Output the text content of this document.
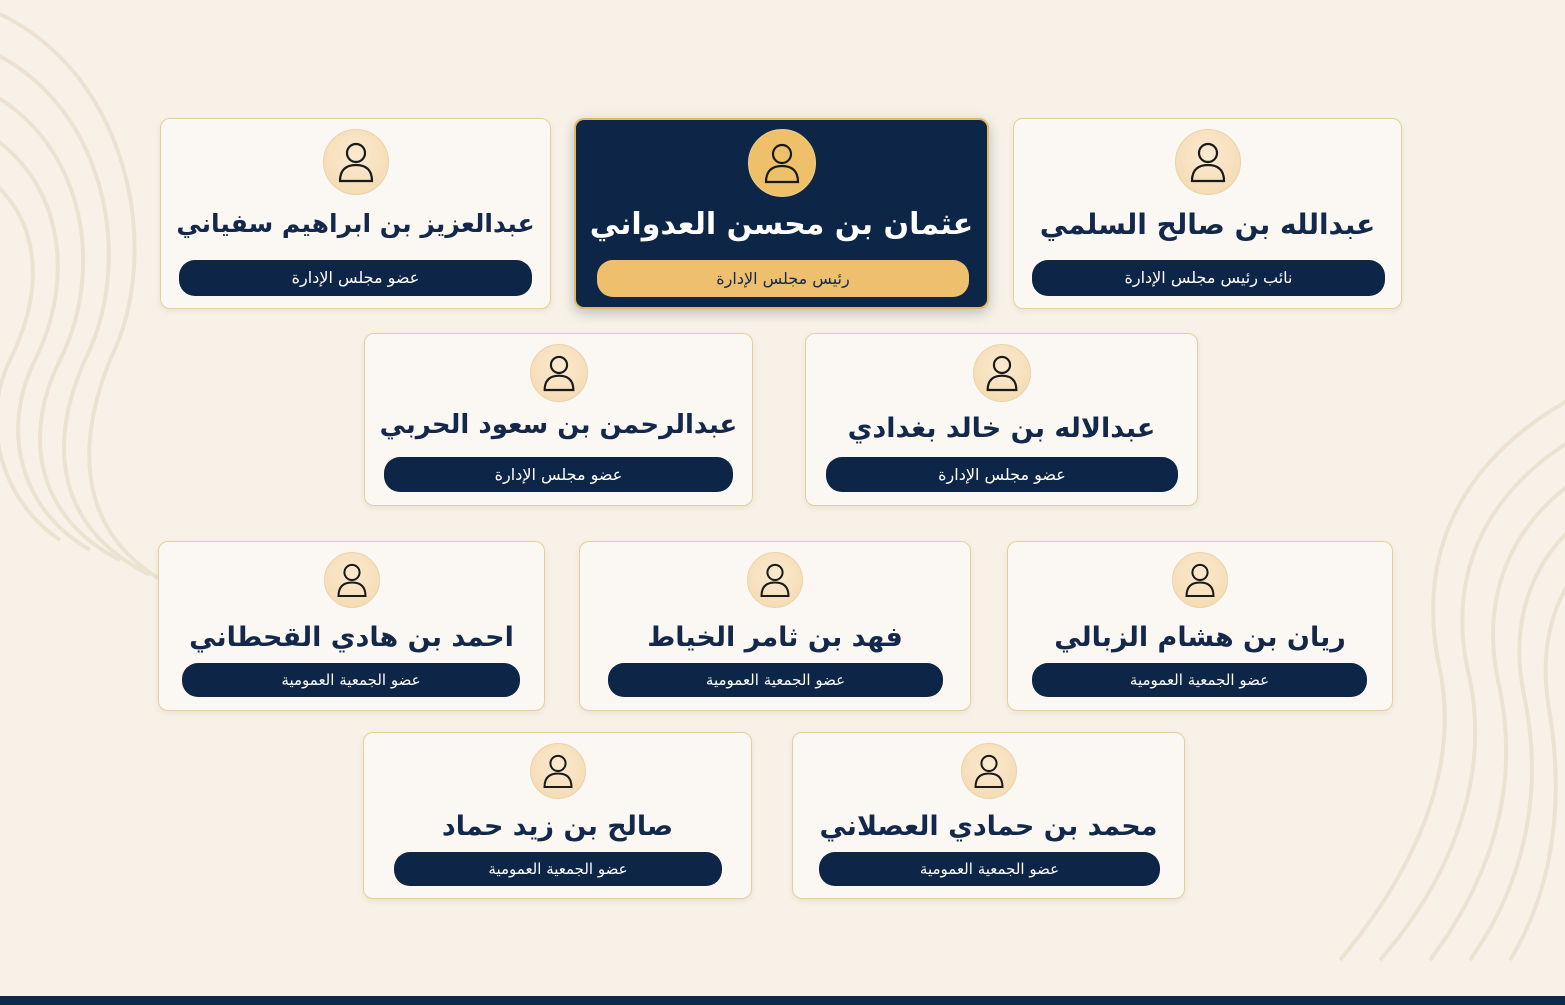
عبدالله بن صالح السلمي
نائب رئيس مجلس الإدارة
عثمان بن محسن العدواني
رئيس مجلس الإدارة
عبدالعزيز بن ابراهيم سفياني
عضو مجلس الإدارة
عبدالاله بن خالد بغدادي
عضو مجلس الإدارة
عبدالرحمن بن سعود الحربي
عضو مجلس الإدارة
ريان بن هشام الزبالي
عضو الجمعية العمومية
فهد بن ثامر الخياط
عضو الجمعية العمومية
احمد بن هادي القحطاني
عضو الجمعية العمومية
محمد بن حمادي العصلاني
عضو الجمعية العمومية
صالح بن زيد حماد
عضو الجمعية العمومية
